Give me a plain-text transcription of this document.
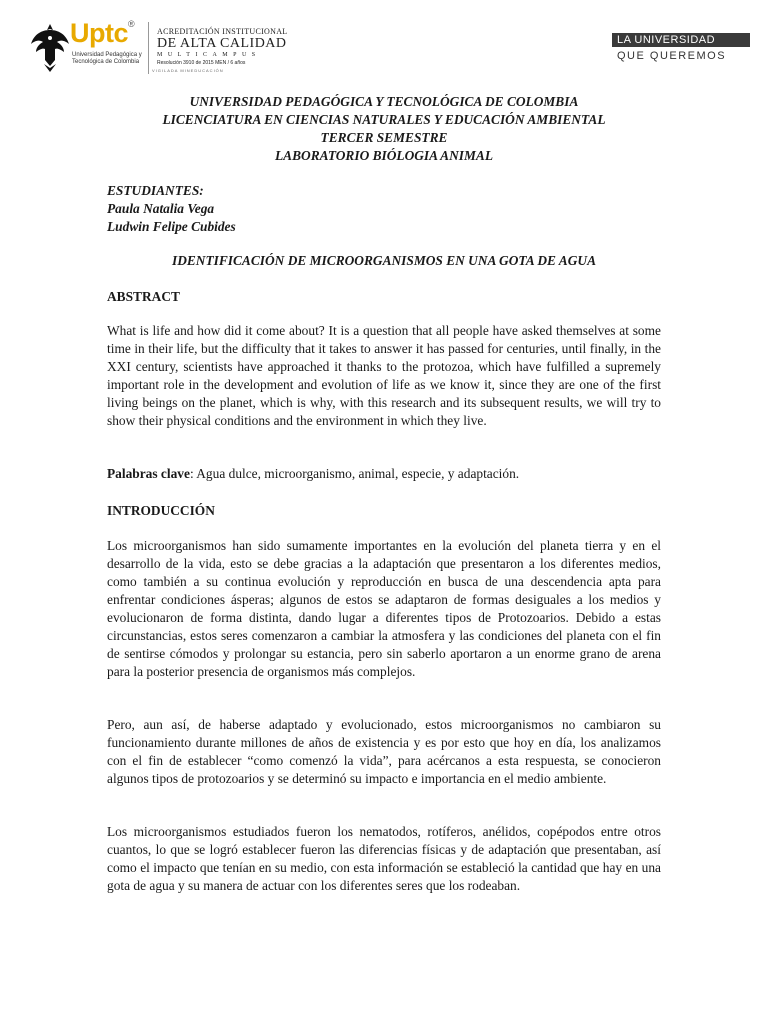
Uptc®
Universidad Pedagógica y
Tecnológica de Colombia
ACREDITACIÓN INSTITUCIONAL
DE ALTA CALIDAD
MULTICAMPUS
Resolución 3910 de 2015 MEN / 6 años
VIGILADA MINEDUCACIÓN
LA UNIVERSIDAD
QUE QUEREMOS
UNIVERSIDAD PEDAGÓGICA Y TECNOLÓGICA DE COLOMBIA
LICENCIATURA EN CIENCIAS NATURALES Y EDUCACIÓN AMBIENTAL
TERCER SEMESTRE
LABORATORIO BIÓLOGIA ANIMAL
ESTUDIANTES:
Paula Natalia Vega
Ludwin Felipe Cubides
IDENTIFICACIÓN DE MICROORGANISMOS EN UNA GOTA DE AGUA
ABSTRACT

What is life and how did it come about? It is a question that all people have asked themselves at some time in their life, but the difficulty that it takes to answer it has passed for centuries, until finally, in the XXI century, scientists have approached it thanks to the protozoa, which have fulfilled a supremely important role in the development and evolution of life as we know it, since they are one of the first living beings on the planet, which is why, with this research and its subsequent results, we will try to show their physical conditions and the environment in which they live.

Palabras clave: Agua dulce, microorganismo, animal, especie, y adaptación.
INTRODUCCIÓN

Los microorganismos han sido sumamente importantes en la evolución del planeta tierra y en el desarrollo de la vida, esto se debe gracias a la adaptación que presentaron a los diferentes medios, como también a su continua evolución y reproducción en busca de una descendencia apta para enfrentar condiciones ásperas; algunos de estos se adaptaron de formas desiguales a los medios y evolucionaron de forma distinta, dando lugar a diferentes tipos de Protozoarios. Debido a estas circunstancias, estos seres comenzaron a cambiar la atmosfera y las condiciones del planeta con el fin de sentirse cómodos y prolongar su estancia, pero sin saberlo aportaron a un enorme grano de arena para la posterior presencia de organismos más complejos.

Pero, aun así, de haberse adaptado y evolucionado, estos microorganismos no cambiaron su funcionamiento durante millones de años de existencia y es por esto que hoy en día, los analizamos con el fin de establecer “como comenzó la vida”, para acércanos a esta respuesta, se conocieron algunos tipos de protozoarios y se determinó su impacto e importancia en el medio ambiente.

Los microorganismos estudiados fueron los nematodos, rotíferos, anélidos, copépodos entre otros cuantos, lo que se logró establecer fueron las diferencias físicas y de adaptación que presentaban, así como el impacto que tenían en su medio, con esta información se estableció la cantidad que hay en una gota de agua y su manera de actuar con los diferentes seres que los rodeaban.
